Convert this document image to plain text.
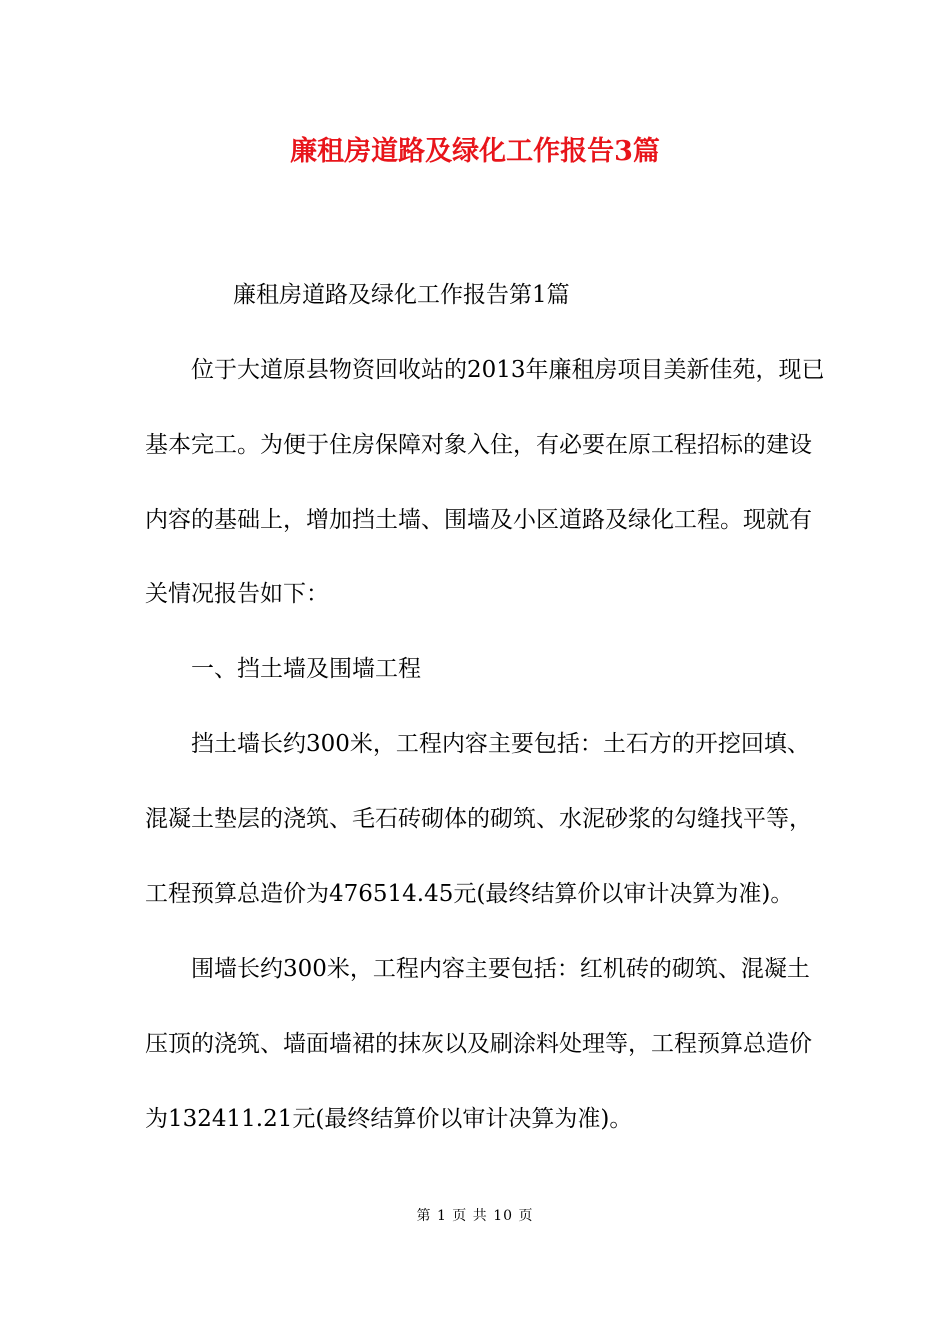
廉租房道路及绿化工作报告3篇

廉租房道路及绿化工作报告第1篇

位于大道原县物资回收站的2013年廉租房项目美新佳苑，现已

基本完工。为便于住房保障对象入住，有必要在原工程招标的建设

内容的基础上，增加挡土墙、围墙及小区道路及绿化工程。现就有

关情况报告如下：

一、挡土墙及围墙工程

挡土墙长约300米，工程内容主要包括：土石方的开挖回填、

混凝土垫层的浇筑、毛石砖砌体的砌筑、水泥砂浆的勾缝找平等，

工程预算总造价为476514.45元(最终结算价以审计决算为准)。

围墙长约300米，工程内容主要包括：红机砖的砌筑、混凝土

压顶的浇筑、墙面墙裙的抹灰以及刷涂料处理等，工程预算总造价

为132411.21元(最终结算价以审计决算为准)。

第 1 页 共 10 页
